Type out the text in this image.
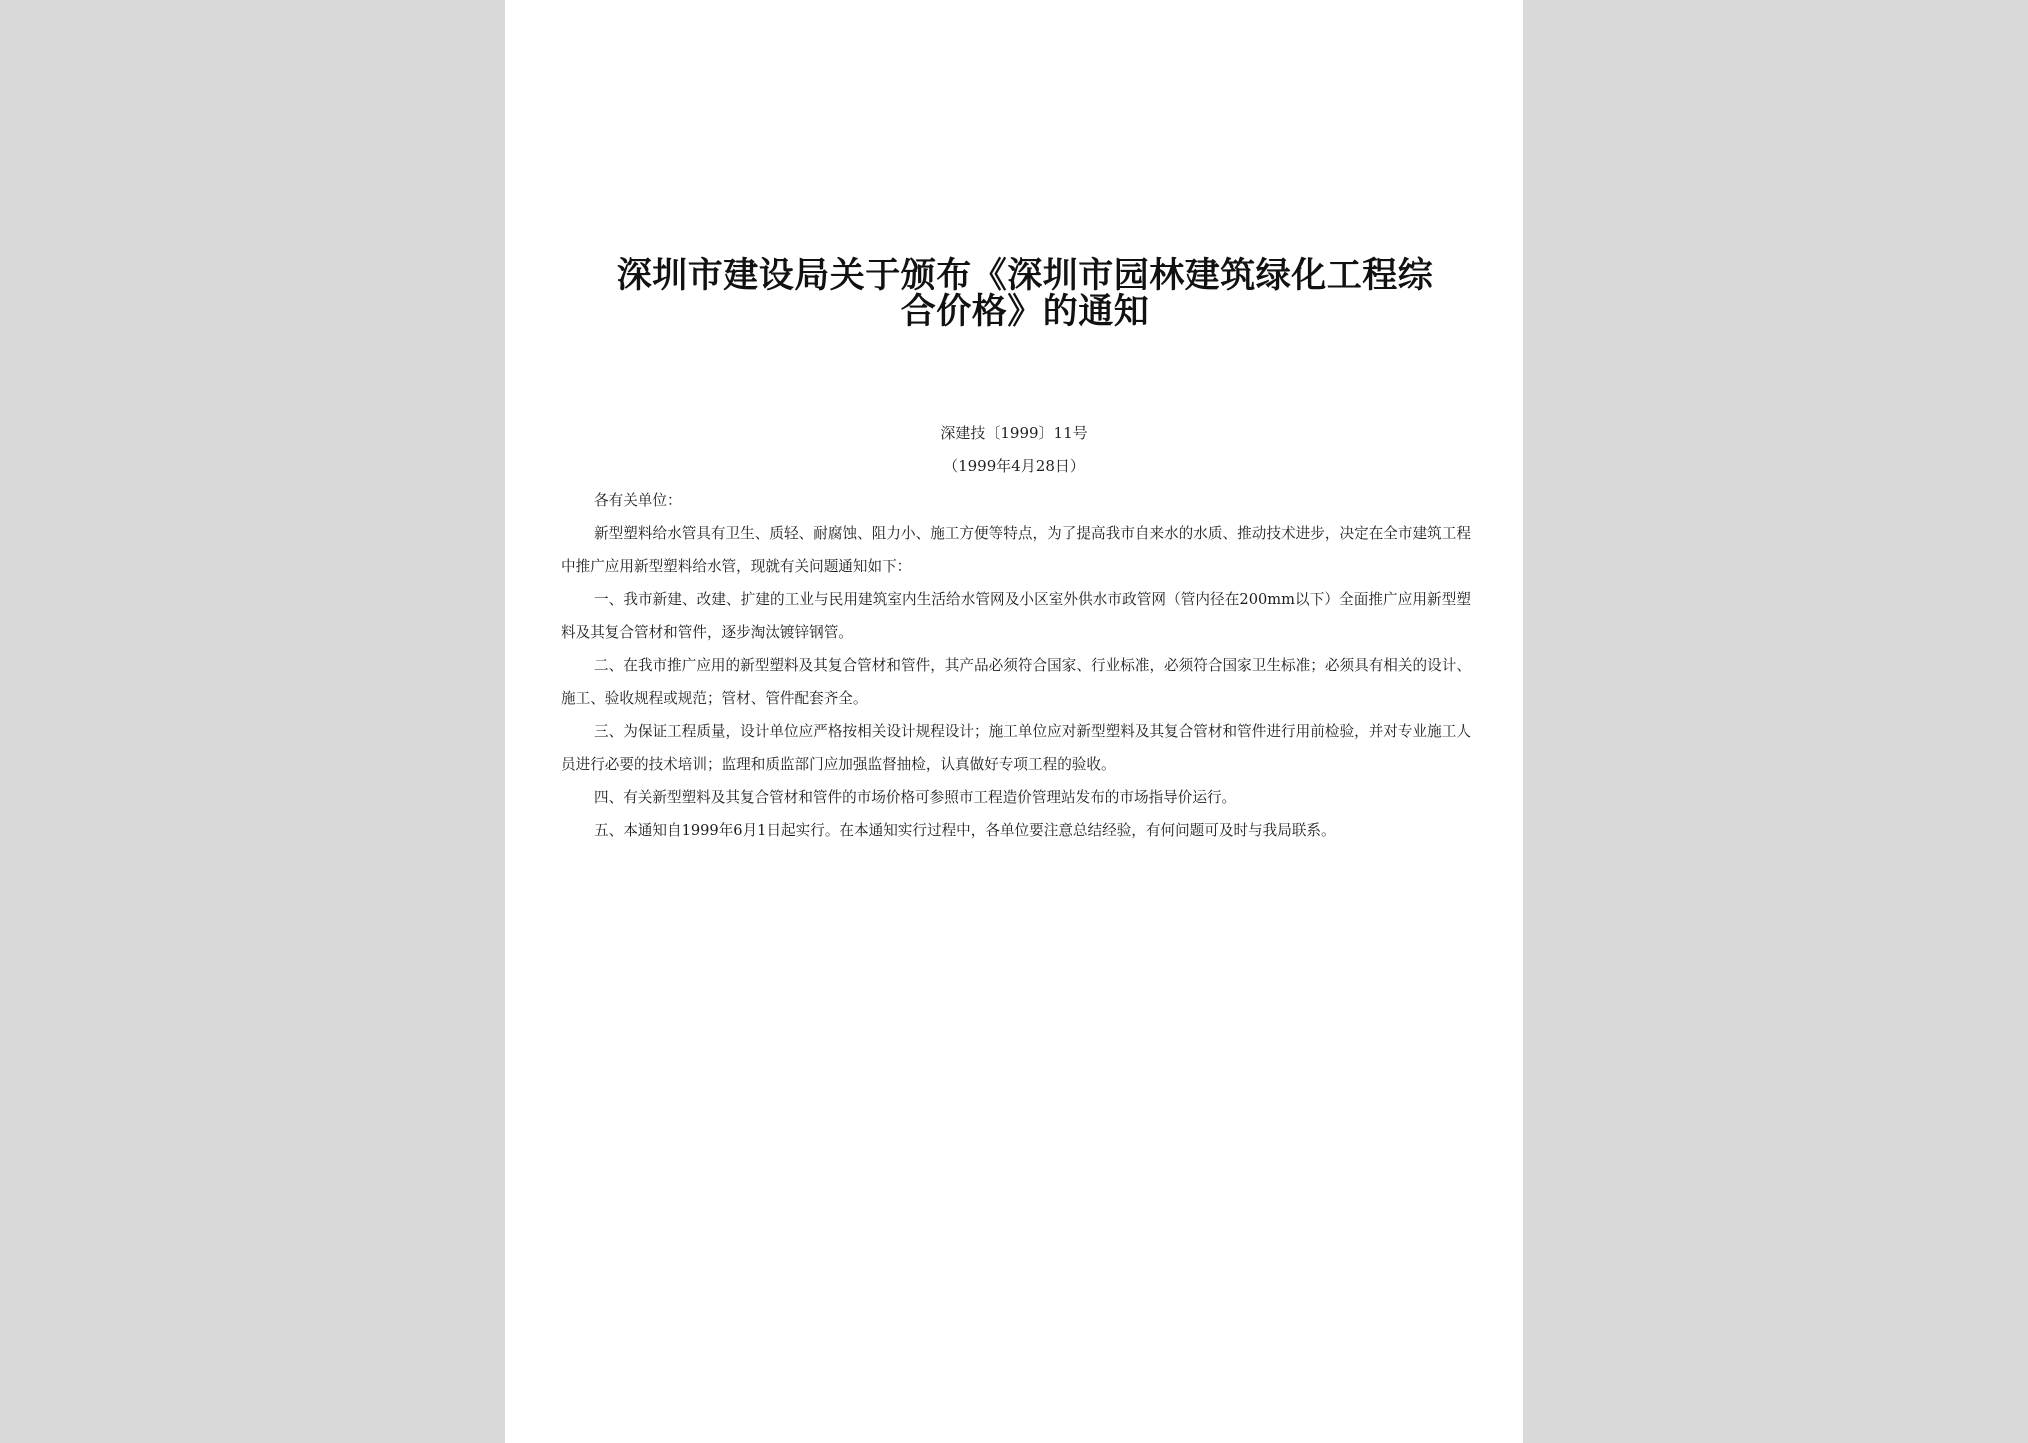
深圳市建设局关于颁布《深圳市园林建筑绿化工程综
合价格》的通知
深建技〔1999〕11号
（1999年4月28日）

各有关单位：

新型塑料给水管具有卫生、质轻、耐腐蚀、阻力小、施工方便等特点，为了提高我市自来水的水质、推动技术进步，决定在全市建筑工程中推广应用新型塑料给水管，现就有关问题通知如下：

一、我市新建、改建、扩建的工业与民用建筑室内生活给水管网及小区室外供水市政管网（管内径在200mm以下）全面推广应用新型塑料及其复合管材和管件，逐步淘汰镀锌钢管。

二、在我市推广应用的新型塑料及其复合管材和管件，其产品必须符合国家、行业标准，必须符合国家卫生标准；必须具有相关的设计、施工、验收规程或规范；管材、管件配套齐全。

三、为保证工程质量，设计单位应严格按相关设计规程设计；施工单位应对新型塑料及其复合管材和管件进行用前检验，并对专业施工人员进行必要的技术培训；监理和质监部门应加强监督抽检，认真做好专项工程的验收。

四、有关新型塑料及其复合管材和管件的市场价格可参照市工程造价管理站发布的市场指导价运行。

五、本通知自1999年6月1日起实行。在本通知实行过程中，各单位要注意总结经验，有何问题可及时与我局联系。
